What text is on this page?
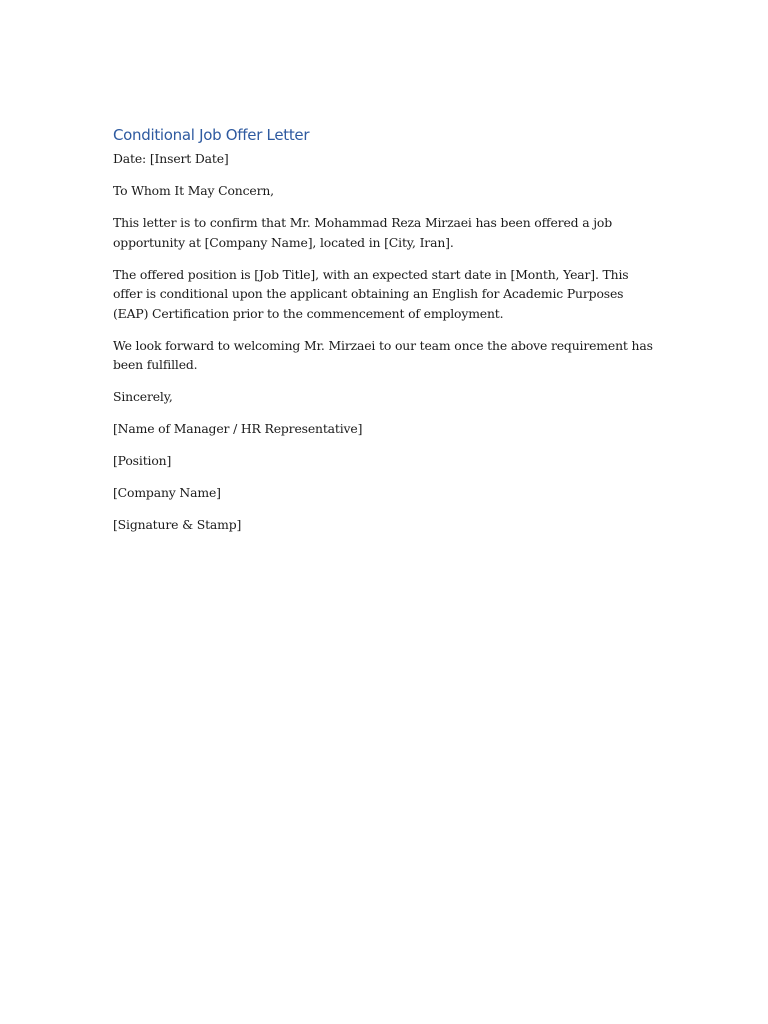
Conditional Job Offer Letter

Date: [Insert Date]

To Whom It May Concern,

This letter is to confirm that Mr. Mohammad Reza Mirzaei has been offered a job opportunity at [Company Name], located in [City, Iran].

The offered position is [Job Title], with an expected start date in [Month, Year]. This offer is conditional upon the applicant obtaining an English for Academic Purposes (EAP) Certification prior to the commencement of employment.

We look forward to welcoming Mr. Mirzaei to our team once the above requirement has been fulfilled.

Sincerely,

[Name of Manager / HR Representative]

[Position]

[Company Name]

[Signature & Stamp]
